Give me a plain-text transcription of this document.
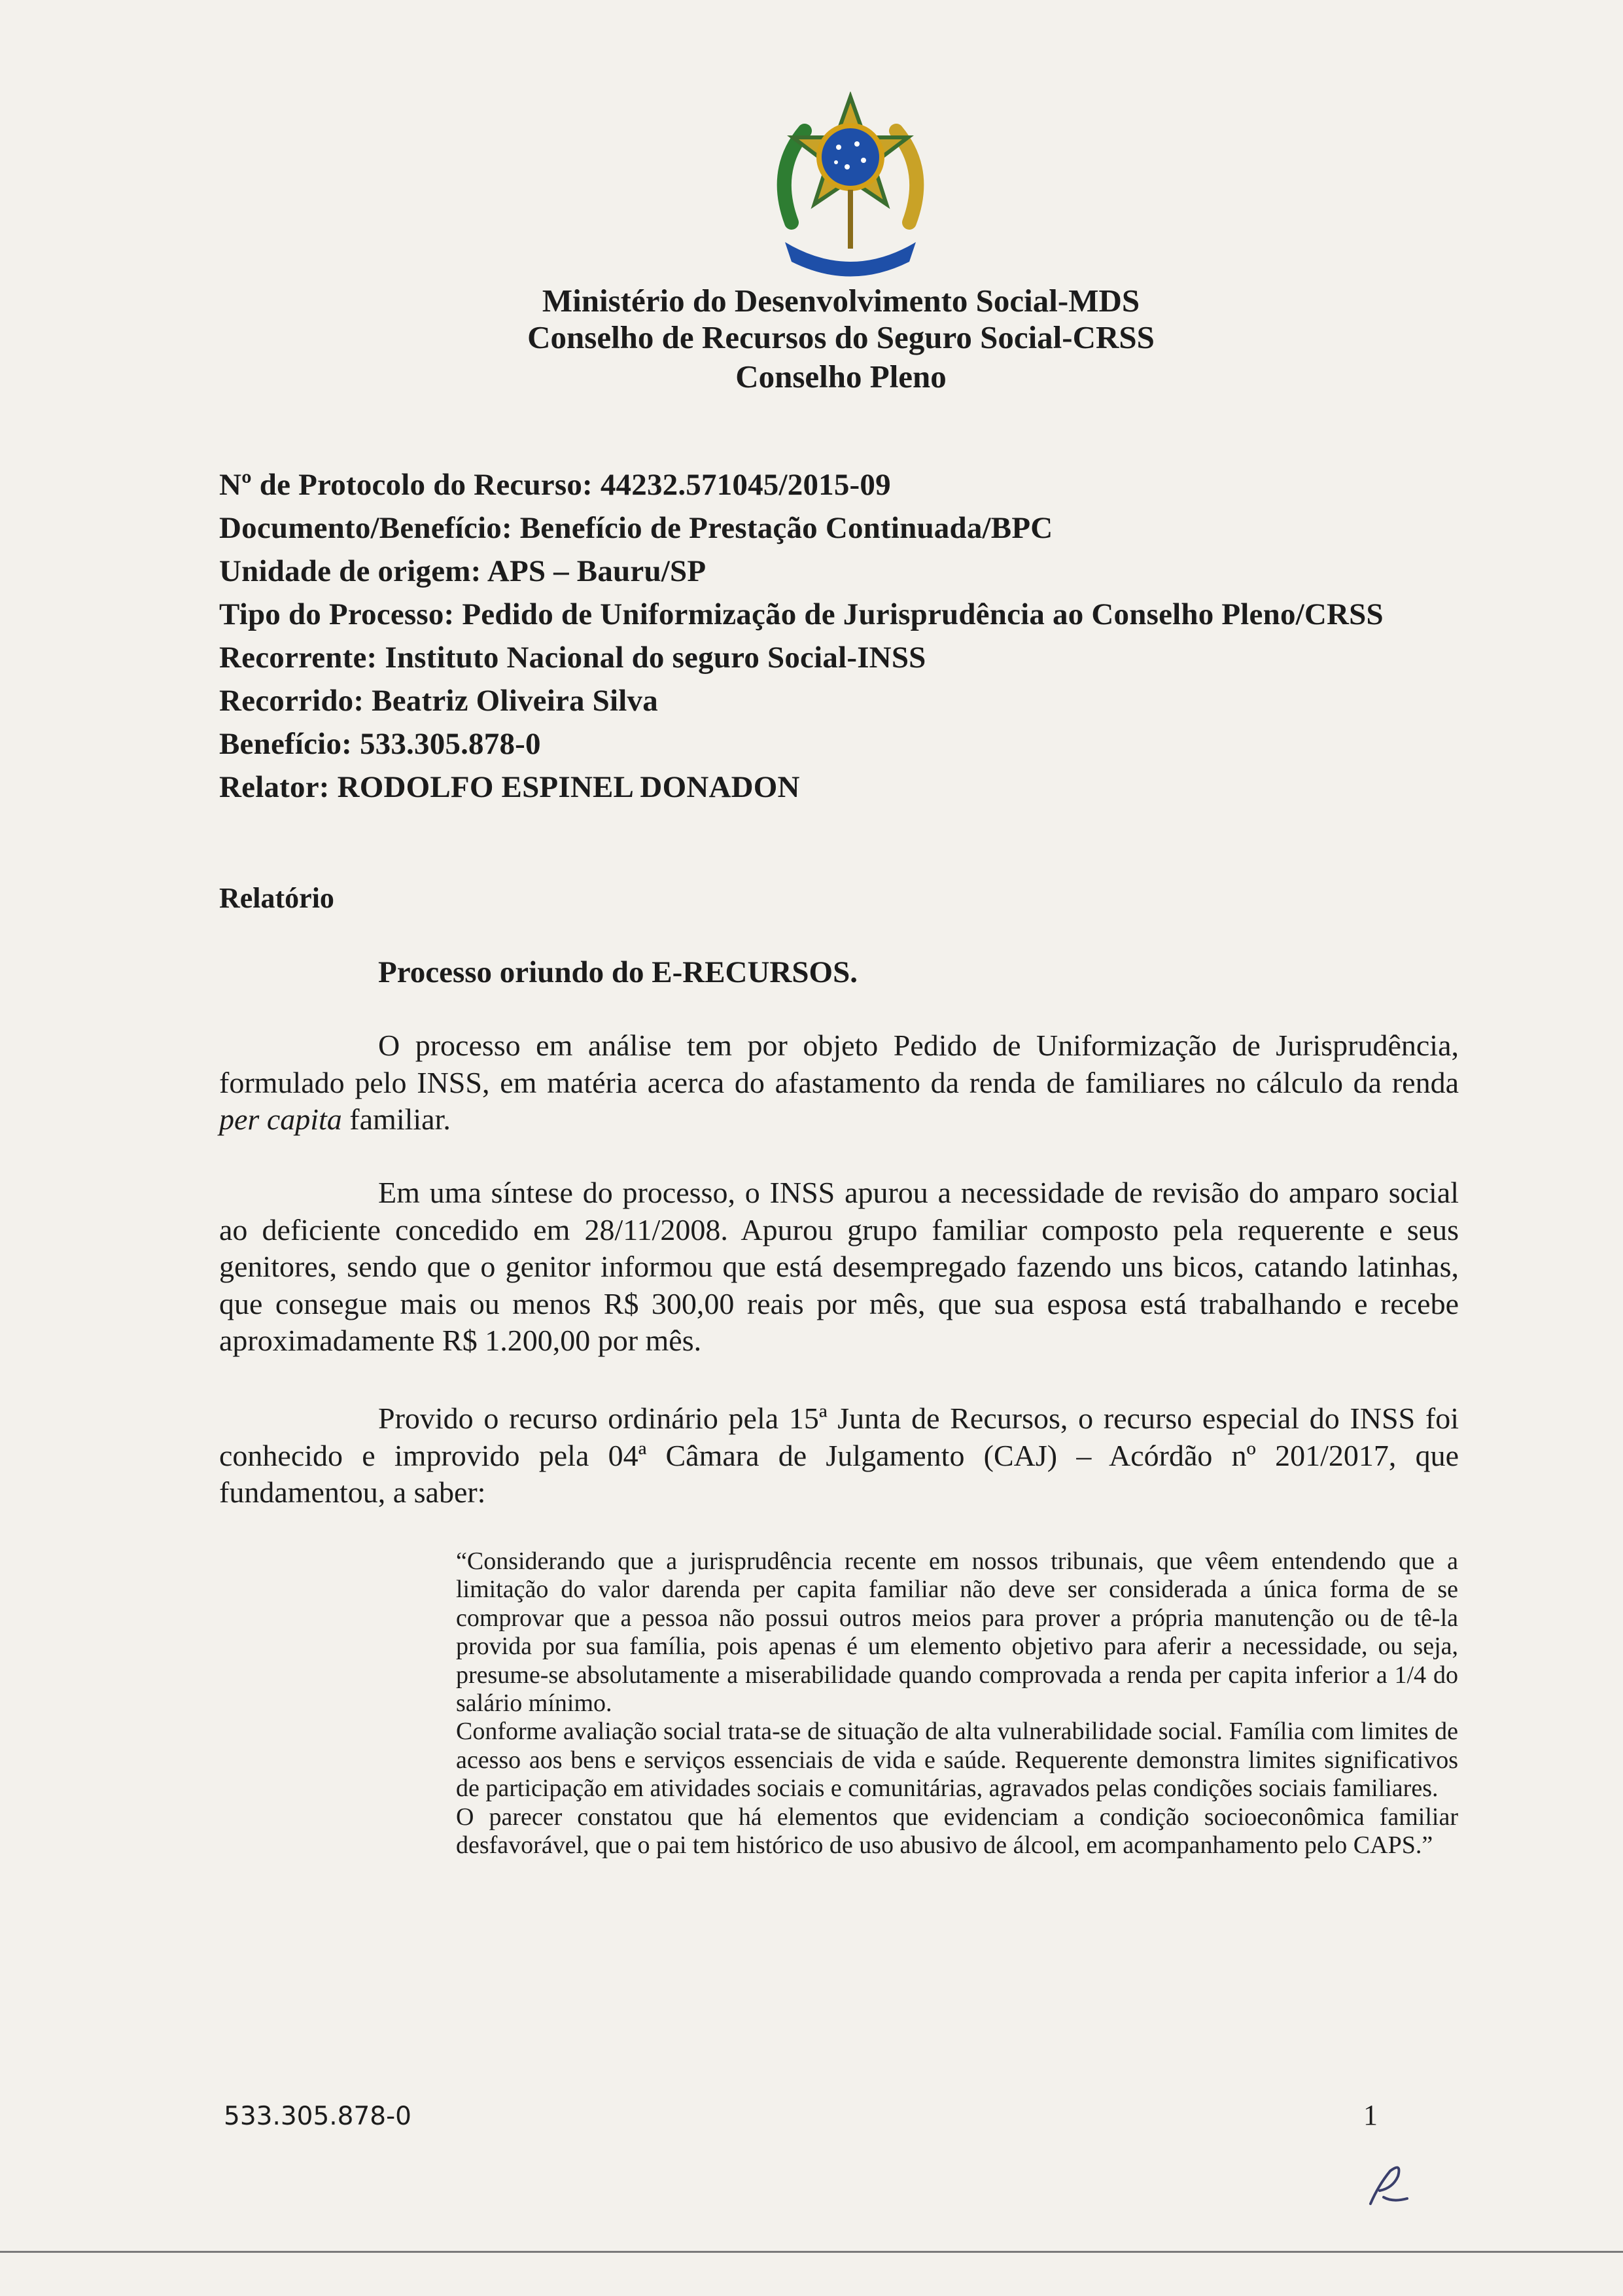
Ministério do Desenvolvimento Social-MDS
Conselho de Recursos do Seguro Social-CRSS
Conselho Pleno
Nº de Protocolo do Recurso: 44232.571045/2015-09
Documento/Benefício: Benefício de Prestação Continuada/BPC
Unidade de origem: APS – Bauru/SP
Tipo do Processo: Pedido de Uniformização de Jurisprudência ao Conselho Pleno/CRSS
Recorrente: Instituto Nacional do seguro Social-INSS
Recorrido: Beatriz Oliveira Silva
Benefício: 533.305.878-0
Relator: RODOLFO ESPINEL DONADON
Relatório
Processo oriundo do E-RECURSOS.
O processo em análise tem por objeto Pedido de Uniformização de Jurisprudência, formulado pelo INSS, em matéria acerca do afastamento da renda de familiares no cálculo da renda per capita familiar.
Em uma síntese do processo, o INSS apurou a necessidade de revisão do amparo social ao deficiente concedido em 28/11/2008. Apurou grupo familiar composto pela requerente e seus genitores, sendo que o genitor informou que está desempregado fazendo uns bicos, catando latinhas, que consegue mais ou menos R$ 300,00 reais por mês, que sua esposa está trabalhando e recebe aproximadamente R$ 1.200,00 por mês.
Provido o recurso ordinário pela 15ª Junta de Recursos, o recurso especial do INSS foi conhecido e improvido pela 04ª Câmara de Julgamento (CAJ) – Acórdão nº 201/2017, que fundamentou, a saber:

“Considerando que a jurisprudência recente em nossos tribunais, que vêem entendendo que a limitação do valor darenda per capita familiar não deve ser considerada a única forma de se comprovar que a pessoa não possui outros meios para prover a própria manutenção ou de tê-la provida por sua família, pois apenas é um elemento objetivo para aferir a necessidade, ou seja, presume-se absolutamente a miserabilidade quando comprovada a renda per capita inferior a 1/4 do salário mínimo.

Conforme avaliação social trata-se de situação de alta vulnerabilidade social. Família com limites de acesso aos bens e serviços essenciais de vida e saúde. Requerente demonstra limites significativos de participação em atividades sociais e comunitárias, agravados pelas condições sociais familiares.

O parecer constatou que há elementos que evidenciam a condição socioeconômica familiar desfavorável, que o pai tem histórico de uso abusivo de álcool, em acompanhamento pelo CAPS.”

533.305.878-0	1
